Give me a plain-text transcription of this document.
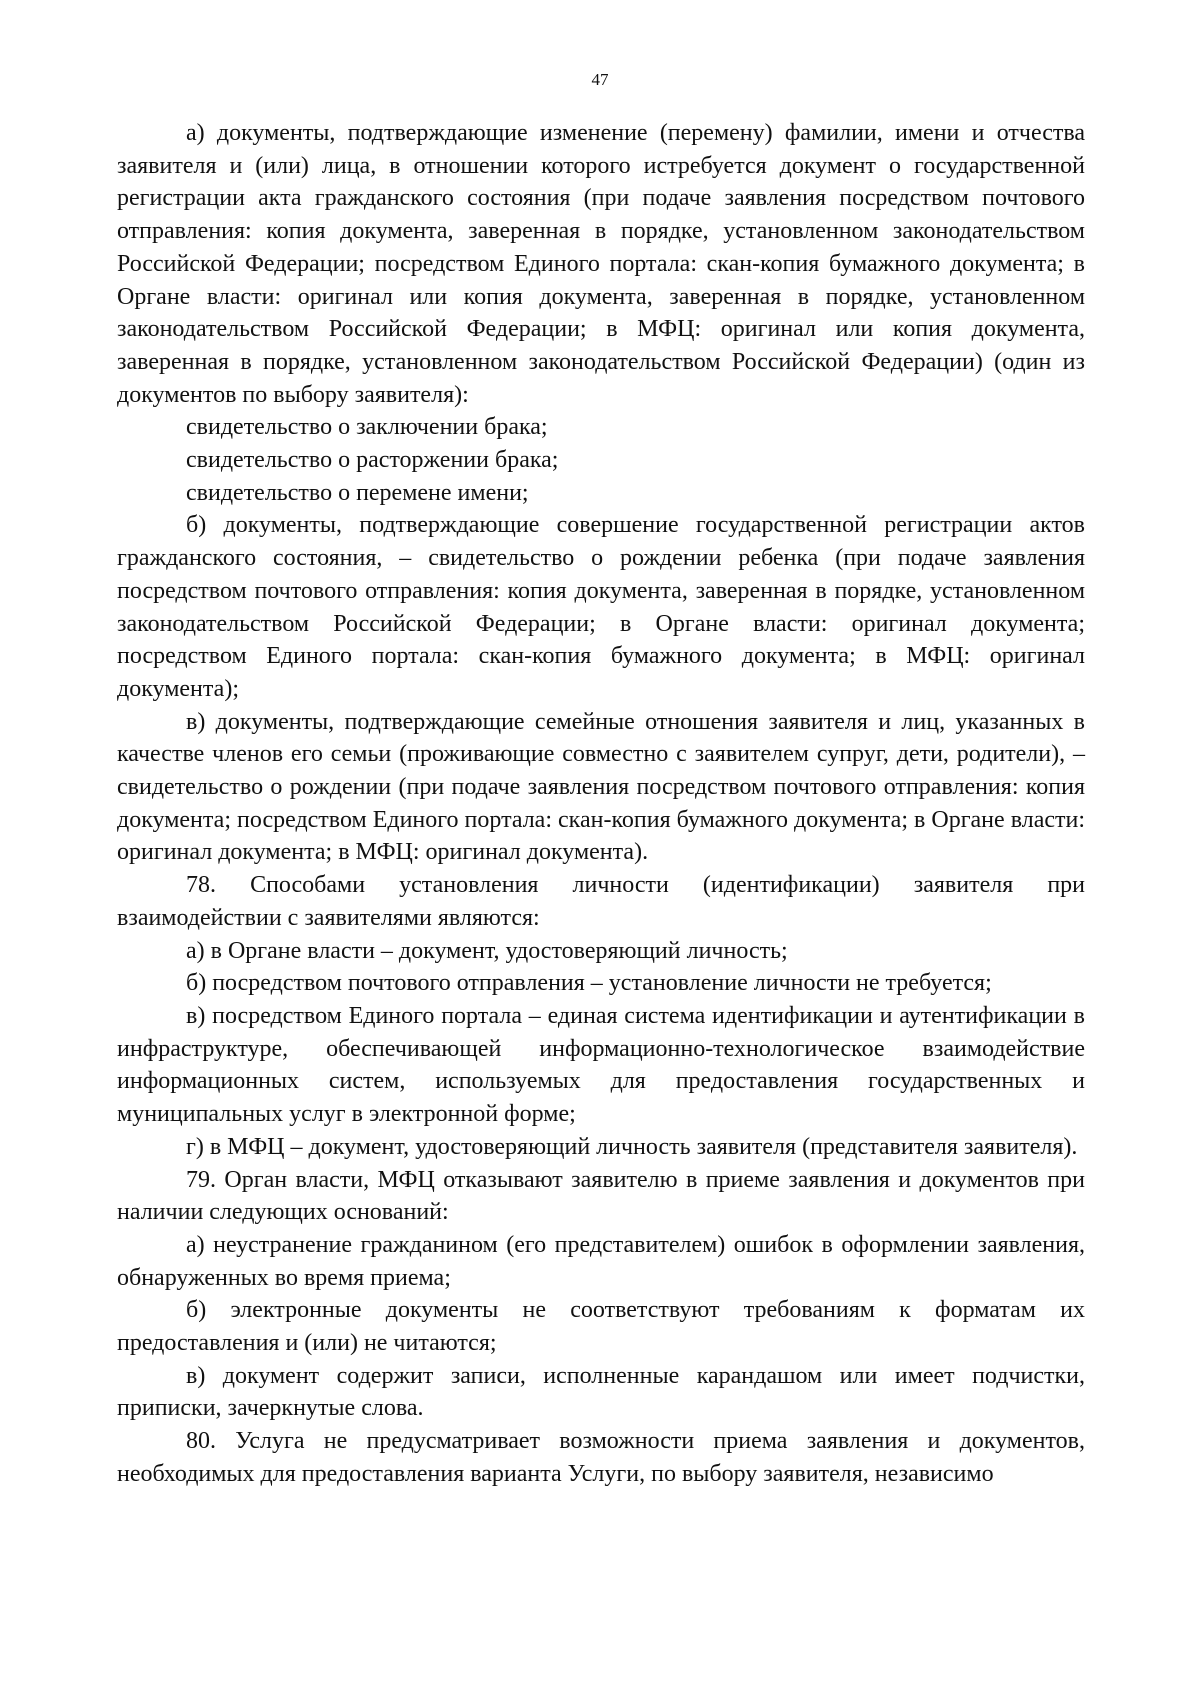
47

а) документы, подтверждающие изменение (перемену) фамилии, имени и отчества заявителя и (или) лица, в отношении которого истребуется документ о государственной регистрации акта гражданского состояния (при подаче заявления посредством почтового отправления: копия документа, заверенная в порядке, установленном законодательством Российской Федерации; посредством Единого портала: скан-копия бумажного документа; в Органе власти: оригинал или копия документа, заверенная в порядке, установленном законодательством Российской Федерации; в МФЦ: оригинал или копия документа, заверенная в порядке, установленном законодательством Российской Федерации) (один из документов по выбору заявителя):

свидетельство о заключении брака;

свидетельство о расторжении брака;

свидетельство о перемене имени;

б) документы, подтверждающие совершение государственной регистрации актов гражданского состояния, – свидетельство о рождении ребенка (при подаче заявления посредством почтового отправления: копия документа, заверенная в порядке, установленном законодательством Российской Федерации; в Органе власти: оригинал документа; посредством Единого портала: скан-копия бумажного документа; в МФЦ: оригинал документа);

в) документы, подтверждающие семейные отношения заявителя и лиц, указанных в качестве членов его семьи (проживающие совместно с заявителем супруг, дети, родители), – свидетельство о рождении (при подаче заявления посредством почтового отправления: копия документа; посредством Единого портала: скан-копия бумажного документа; в Органе власти: оригинал документа; в МФЦ: оригинал документа).

78. Способами установления личности (идентификации) заявителя при взаимодействии с заявителями являются:

а) в Органе власти – документ, удостоверяющий личность;

б) посредством почтового отправления – установление личности не требуется;

в) посредством Единого портала – единая система идентификации и аутентификации в инфраструктуре, обеспечивающей информационно-технологическое взаимодействие информационных систем, используемых для предоставления государственных и муниципальных услуг в электронной форме;

г) в МФЦ – документ, удостоверяющий личность заявителя (представителя заявителя).

79. Орган власти, МФЦ отказывают заявителю в приеме заявления и документов при наличии следующих оснований:

а) неустранение гражданином (его представителем) ошибок в оформлении заявления, обнаруженных во время приема;

б) электронные документы не соответствуют требованиям к форматам их предоставления и (или) не читаются;

в) документ содержит записи, исполненные карандашом или имеет подчистки, приписки, зачеркнутые слова.

80. Услуга не предусматривает возможности приема заявления и документов, необходимых для предоставления варианта Услуги, по выбору заявителя, независимо
